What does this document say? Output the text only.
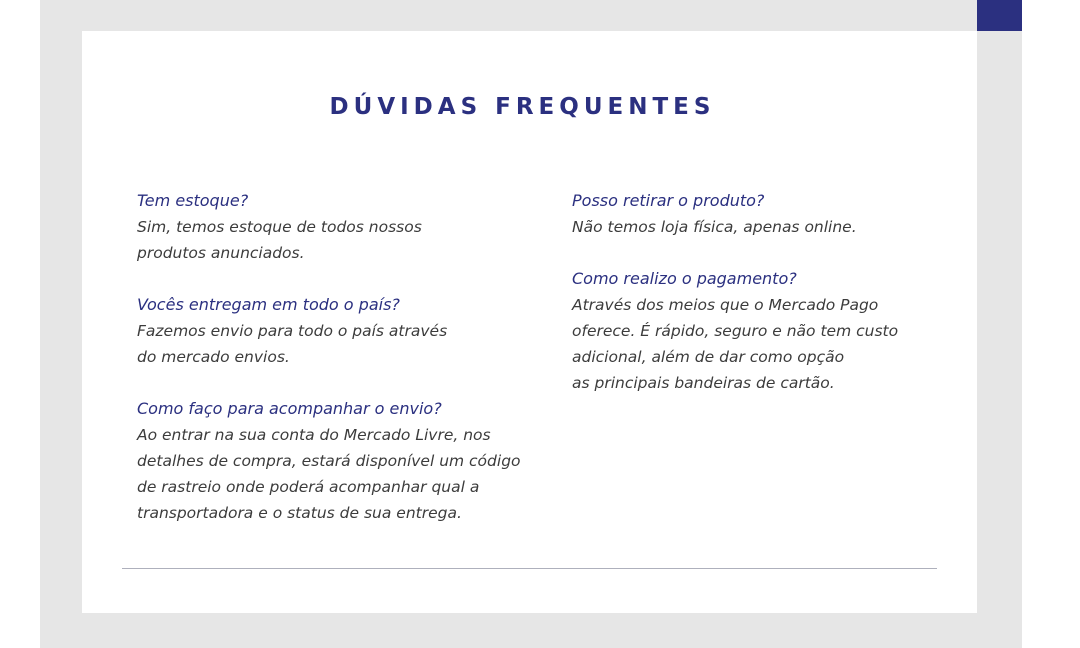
DÚVIDAS FREQUENTES
Tem estoque?
Sim, temos estoque de todos nossos
produtos anunciados.
Vocês entregam em todo o país?
Fazemos envio para todo o país através
do mercado envios.
Como faço para acompanhar o envio?
Ao entrar na sua conta do Mercado Livre, nos
detalhes de compra, estará disponível um código
de rastreio onde poderá acompanhar qual a
transportadora e o status de sua entrega.
Posso retirar o produto?
Não temos loja física, apenas online.
Como realizo o pagamento?
Através dos meios que o Mercado Pago
oferece. É rápido, seguro e não tem custo
adicional, além de dar como opção
as principais bandeiras de cartão.
